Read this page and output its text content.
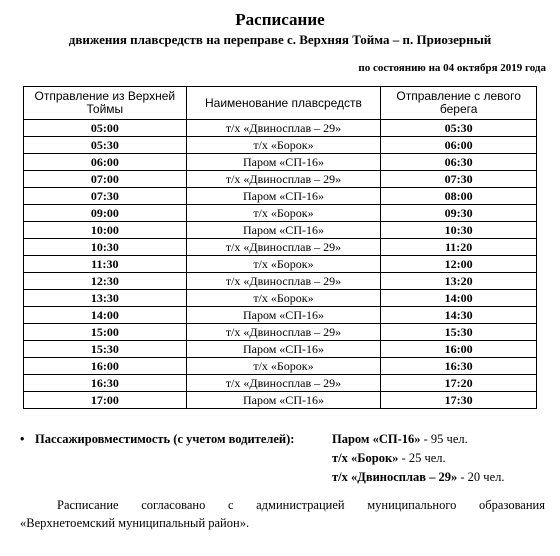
Расписание
движения плавсредств на переправе с. Верхняя Тойма – п. Приозерный
по состоянию на 04 октября 2019 года
Отправление из Верхней Тоймы	Наименование плавсредств	Отправление с левого берега
05:00	т/х «Двиносплав – 29»	05:30
05:30	т/х «Борок»	06:00
06:00	Паром «СП-16»	06:30
07:00	т/х «Двиносплав – 29»	07:30
07:30	Паром «СП-16»	08:00
09:00	т/х «Борок»	09:30
10:00	Паром «СП-16»	10:30
10:30	т/х «Двиносплав – 29»	11:20
11:30	т/х «Борок»	12:00
12:30	т/х «Двиносплав – 29»	13:20
13:30	т/х «Борок»	14:00
14:00	Паром «СП-16»	14:30
15:00	т/х «Двиносплав – 29»	15:30
15:30	Паром «СП-16»	16:00
16:00	т/х «Борок»	16:30
16:30	т/х «Двиносплав – 29»	17:20
17:00	Паром «СП-16»	17:30
• Пассажировместимость (с учетом водителей):	Паром «СП-16» - 95 чел.
т/х «Борок» - 25 чел.
т/х «Двиносплав – 29» - 20 чел.
Расписание согласовано с администрацией муниципального образования «Верхнетоемский муниципальный район».
